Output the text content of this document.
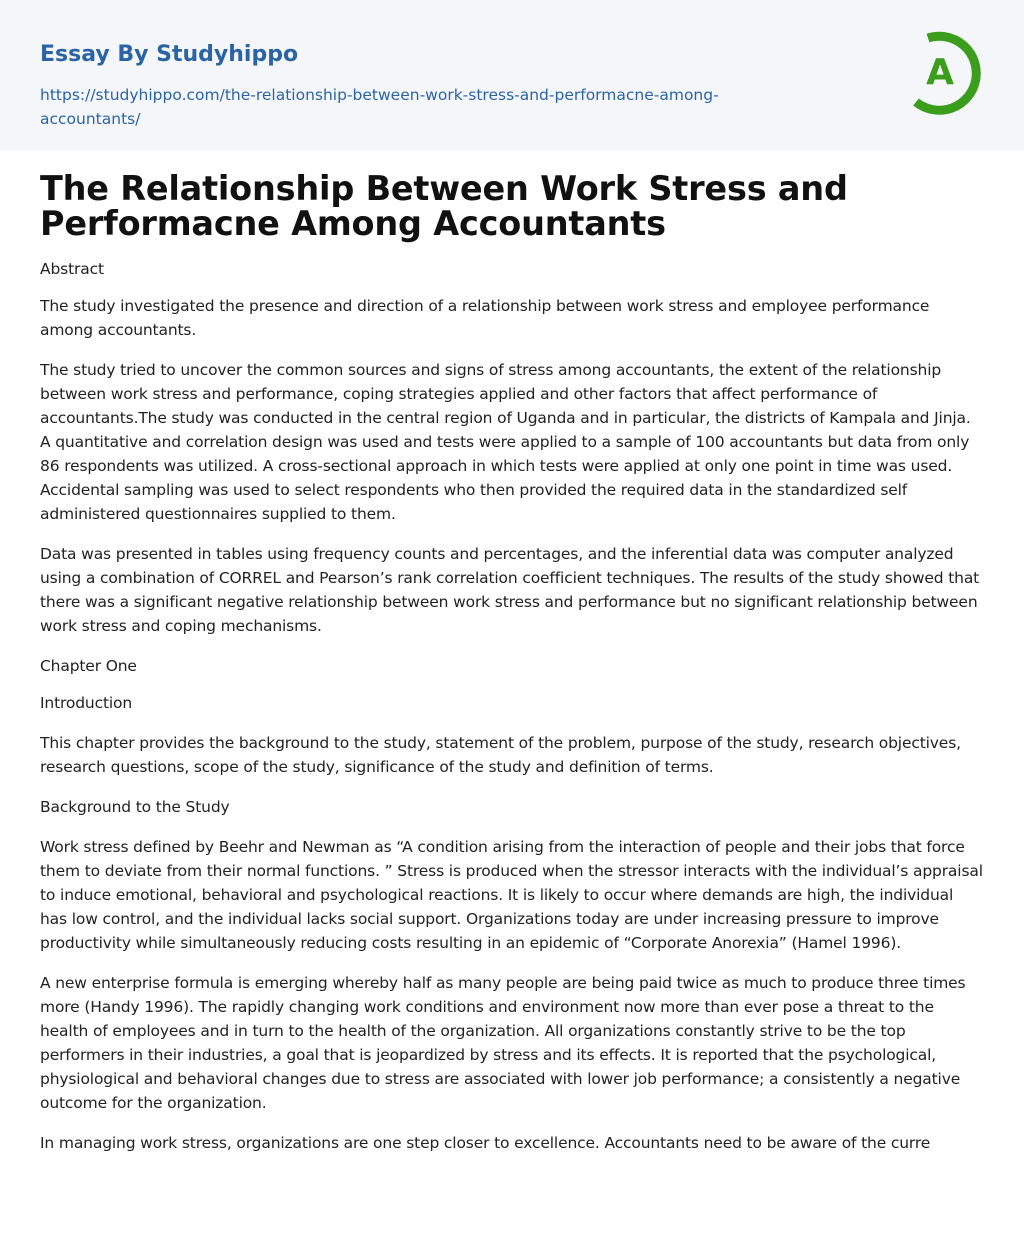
Essay By Studyhippo
https://studyhippo.com/the-relationship-between-work-stress-and-performacne-among-accountants/
A
The Relationship Between Work Stress and Performacne Among Accountants

Abstract

The study investigated the presence and direction of a relationship between work stress and employee performance among accountants.

The study tried to uncover the common sources and signs of stress among accountants, the extent of the relationship between work stress and performance, coping strategies applied and other factors that affect performance of accountants.The study was conducted in the central region of Uganda and in particular, the districts of Kampala and Jinja. A quantitative and correlation design was used and tests were applied to a sample of 100 accountants but data from only 86 respondents was utilized. A cross-sectional approach in which tests were applied at only one point in time was used. Accidental sampling was used to select respondents who then provided the required data in the standardized self administered questionnaires supplied to them.

Data was presented in tables using frequency counts and percentages, and the inferential data was computer analyzed using a combination of CORREL and Pearson’s rank correlation coefficient techniques. The results of the study showed that there was a significant negative relationship between work stress and performance but no significant relationship between work stress and coping mechanisms.

Chapter One

Introduction

This chapter provides the background to the study, statement of the problem, purpose of the study, research objectives, research questions, scope of the study, significance of the study and definition of terms.

Background to the Study

Work stress defined by Beehr and Newman as “A condition arising from the interaction of people and their jobs that force them to deviate from their normal functions. ” Stress is produced when the stressor interacts with the individual’s appraisal to induce emotional, behavioral and psychological reactions. It is likely to occur where demands are high, the individual has low control, and the individual lacks social support. Organizations today are under increasing pressure to improve productivity while simultaneously reducing costs resulting in an epidemic of “Corporate Anorexia” (Hamel 1996).

A new enterprise formula is emerging whereby half as many people are being paid twice as much to produce three times more (Handy 1996). The rapidly changing work conditions and environment now more than ever pose a threat to the health of employees and in turn to the health of the organization. All organizations constantly strive to be the top performers in their industries, a goal that is jeopardized by stress and its effects. It is reported that the psychological, physiological and behavioral changes due to stress are associated with lower job performance; a consistently a negative outcome for the organization.

In managing work stress, organizations are one step closer to excellence. Accountants need to be aware of the curre
